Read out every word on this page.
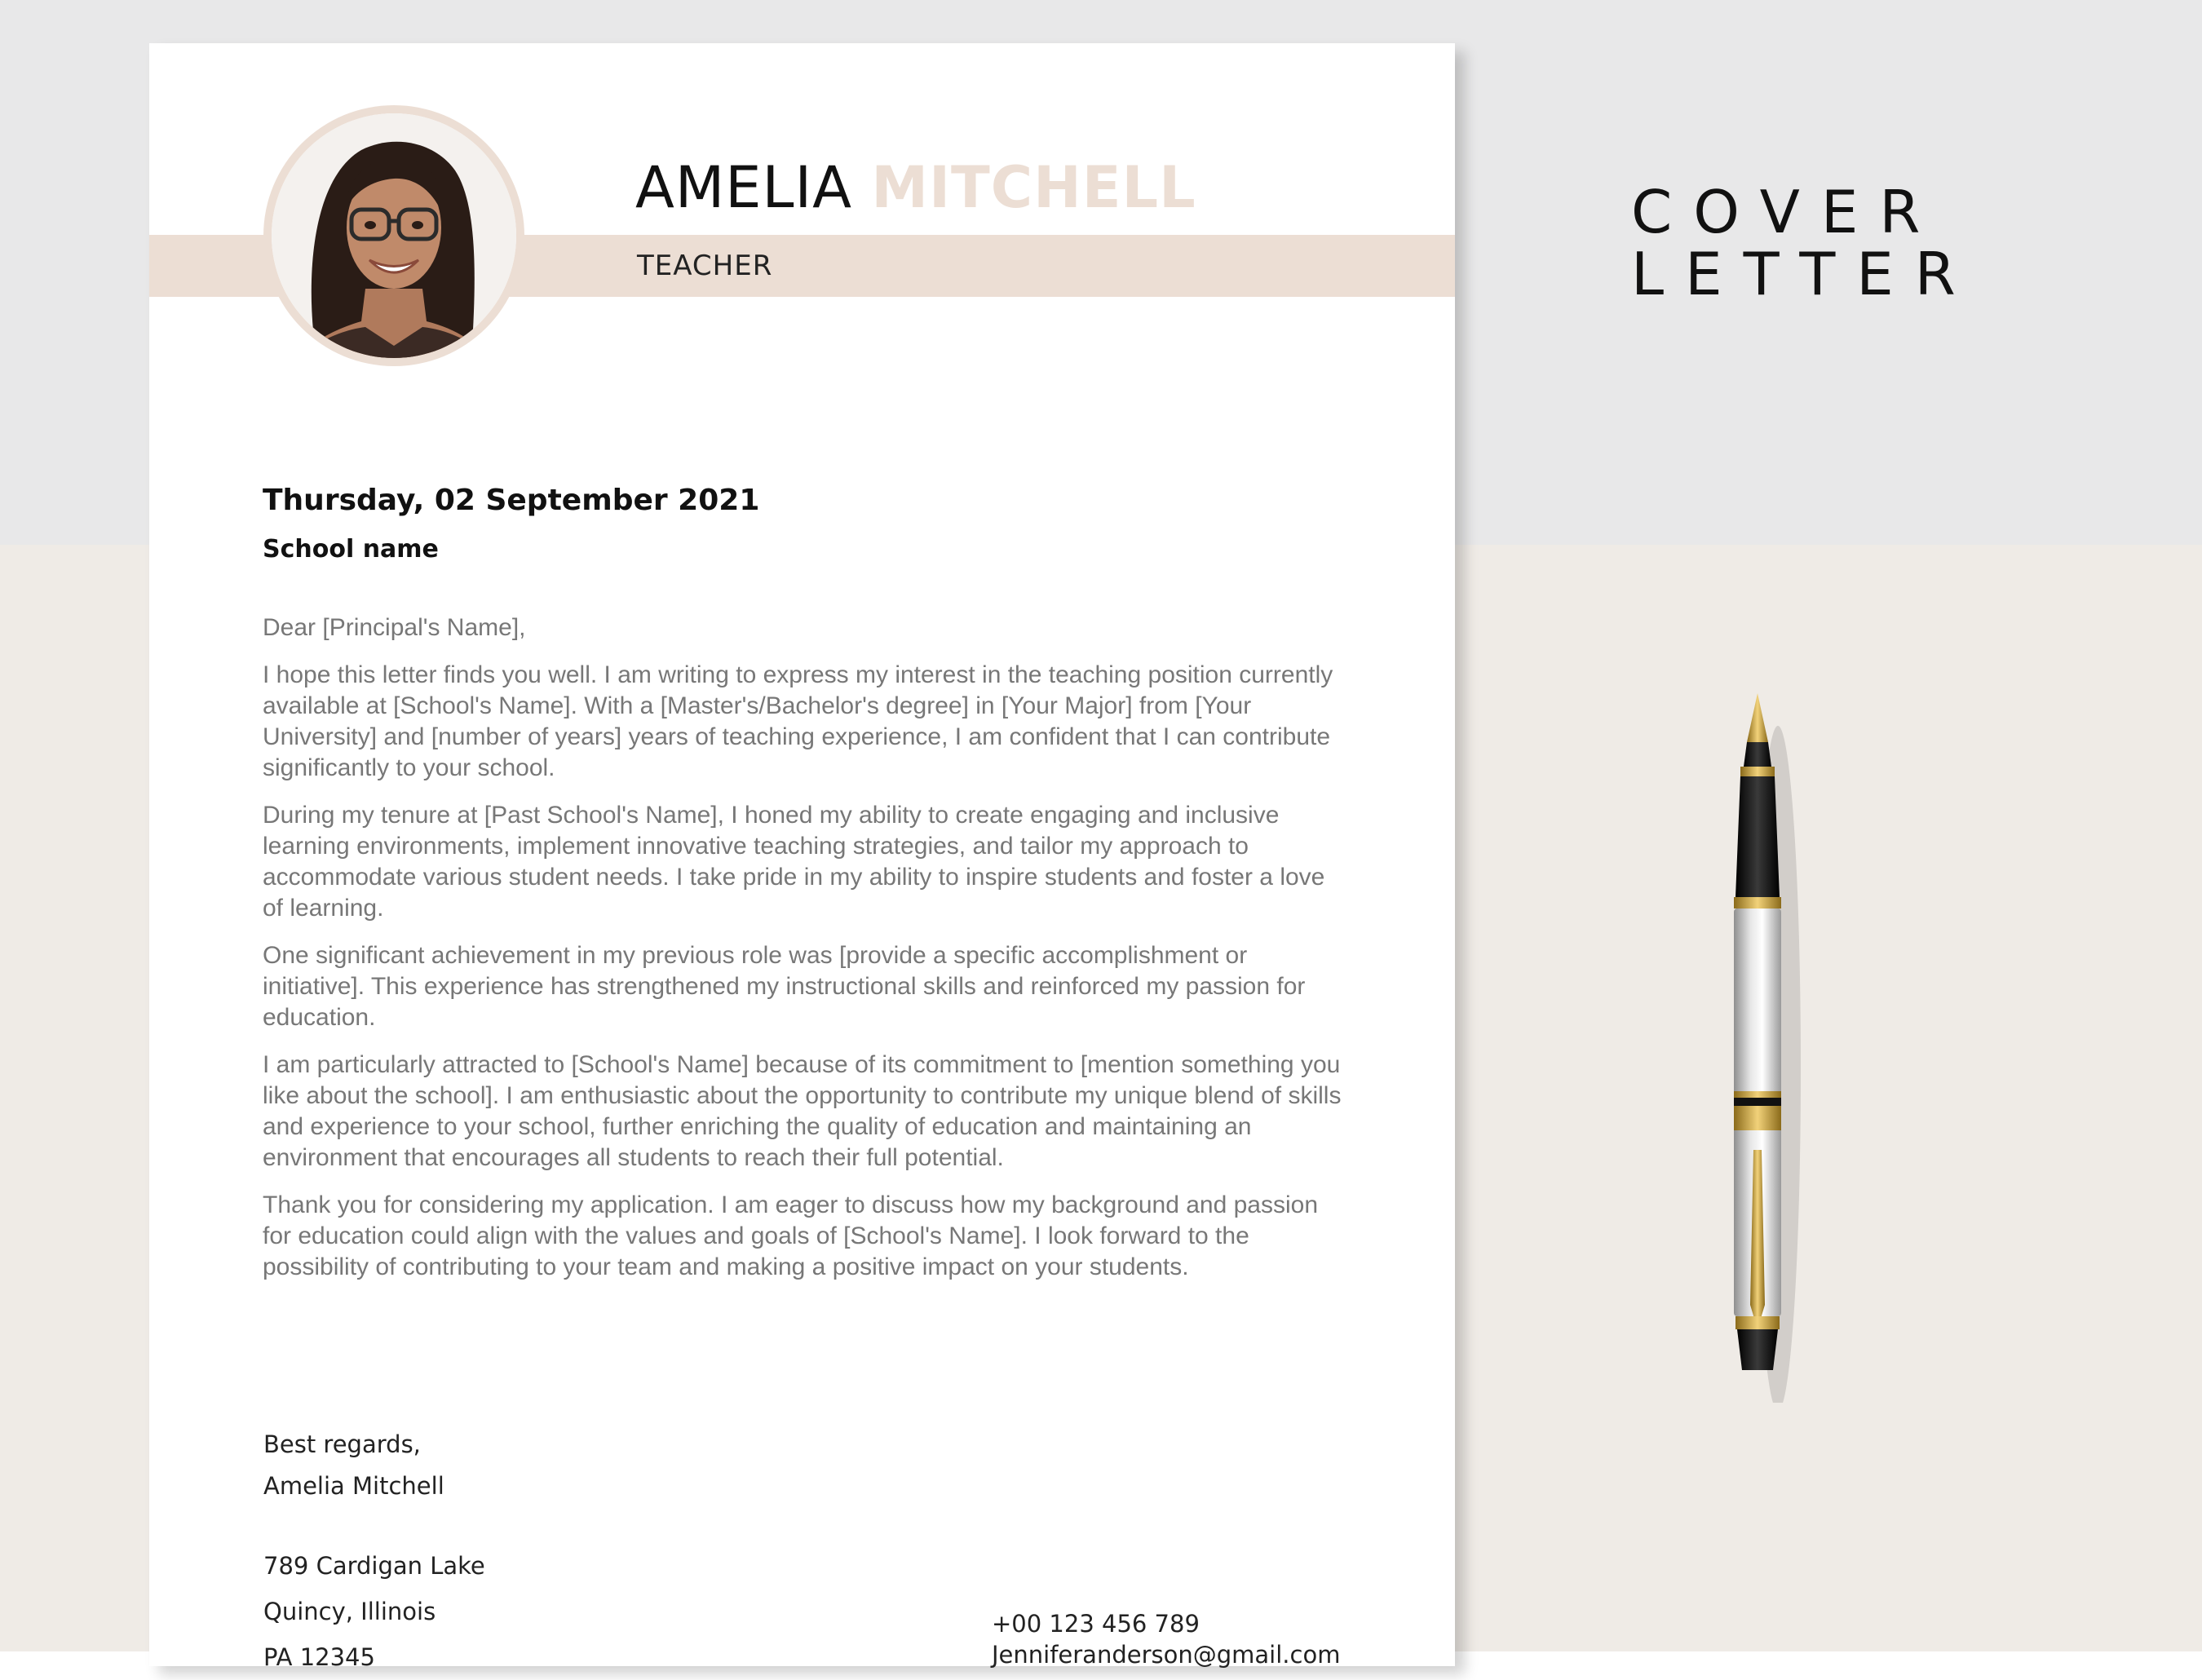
AMELIA MITCHELL

TEACHER

Thursday, 02 September 2021

School name

Dear [Principal's Name],

I hope this letter finds you well. I am writing to express my interest in the teaching position currently available at [School's Name]. With a [Master's/Bachelor's degree] in [Your Major] from [Your University] and [number of years] years of teaching experience, I am confident that I can contribute significantly to your school.

During my tenure at [Past School's Name], I honed my ability to create engaging and inclusive learning environments, implement innovative teaching strategies, and tailor my approach to accommodate various student needs. I take pride in my ability to inspire students and foster a love of learning.

One significant achievement in my previous role was [provide a specific accomplishment or initiative]. This experience has strengthened my instructional skills and reinforced my passion for education.

I am particularly attracted to [School's Name] because of its commitment to [mention something you like about the school]. I am enthusiastic about the opportunity to contribute my unique blend of skills and experience to your school, further enriching the quality of education and maintaining an environment that encourages all students to reach their full potential.

Thank you for considering my application. I am eager to discuss how my background and passion for education could align with the values and goals of [School's Name]. I look forward to the possibility of contributing to your team and making a positive impact on your students.

Best regards,
Amelia Mitchell
789 Cardigan Lake
Quincy, Illinois
PA 12345
+00 123 456 789
Jenniferanderson@gmail.com
COVER
LETTER
